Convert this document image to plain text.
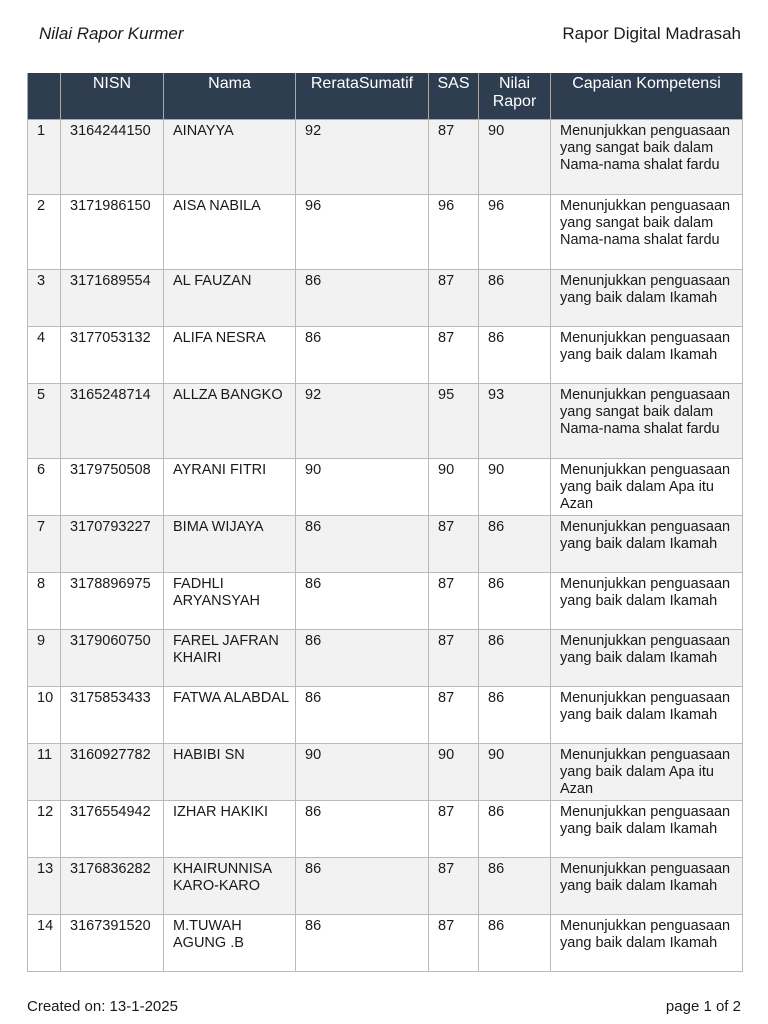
Nilai Rapor Kurmer	Rapor Digital Madrasah
	NISN	Nama	RerataSumatif	SAS	Nilai Rapor	Capaian Kompetensi
1	3164244150	AINAYYA	92	87	90	Menunjukkan penguasaan yang sangat baik dalam Nama-nama shalat fardu
2	3171986150	AISA NABILA	96	96	96	Menunjukkan penguasaan yang sangat baik dalam Nama-nama shalat fardu
3	3171689554	AL FAUZAN	86	87	86	Menunjukkan penguasaan yang baik dalam Ikamah
4	3177053132	ALIFA NESRA	86	87	86	Menunjukkan penguasaan yang baik dalam Ikamah
5	3165248714	ALLZA BANGKO	92	95	93	Menunjukkan penguasaan yang sangat baik dalam Nama-nama shalat fardu
6	3179750508	AYRANI FITRI	90	90	90	Menunjukkan penguasaan yang baik dalam Apa itu Azan
7	3170793227	BIMA WIJAYA	86	87	86	Menunjukkan penguasaan yang baik dalam Ikamah
8	3178896975	FADHLI ARYANSYAH	86	87	86	Menunjukkan penguasaan yang baik dalam Ikamah
9	3179060750	FAREL JAFRAN KHAIRI	86	87	86	Menunjukkan penguasaan yang baik dalam Ikamah
10	3175853433	FATWA ALABDAL	86	87	86	Menunjukkan penguasaan yang baik dalam Ikamah
11	3160927782	HABIBI SN	90	90	90	Menunjukkan penguasaan yang baik dalam Apa itu Azan
12	3176554942	IZHAR HAKIKI	86	87	86	Menunjukkan penguasaan yang baik dalam Ikamah
13	3176836282	KHAIRUNNISA KARO-KARO	86	87	86	Menunjukkan penguasaan yang baik dalam Ikamah
14	3167391520	M.TUWAH AGUNG .B	86	87	86	Menunjukkan penguasaan yang baik dalam Ikamah
Created on: 13-1-2025	page 1 of 2
